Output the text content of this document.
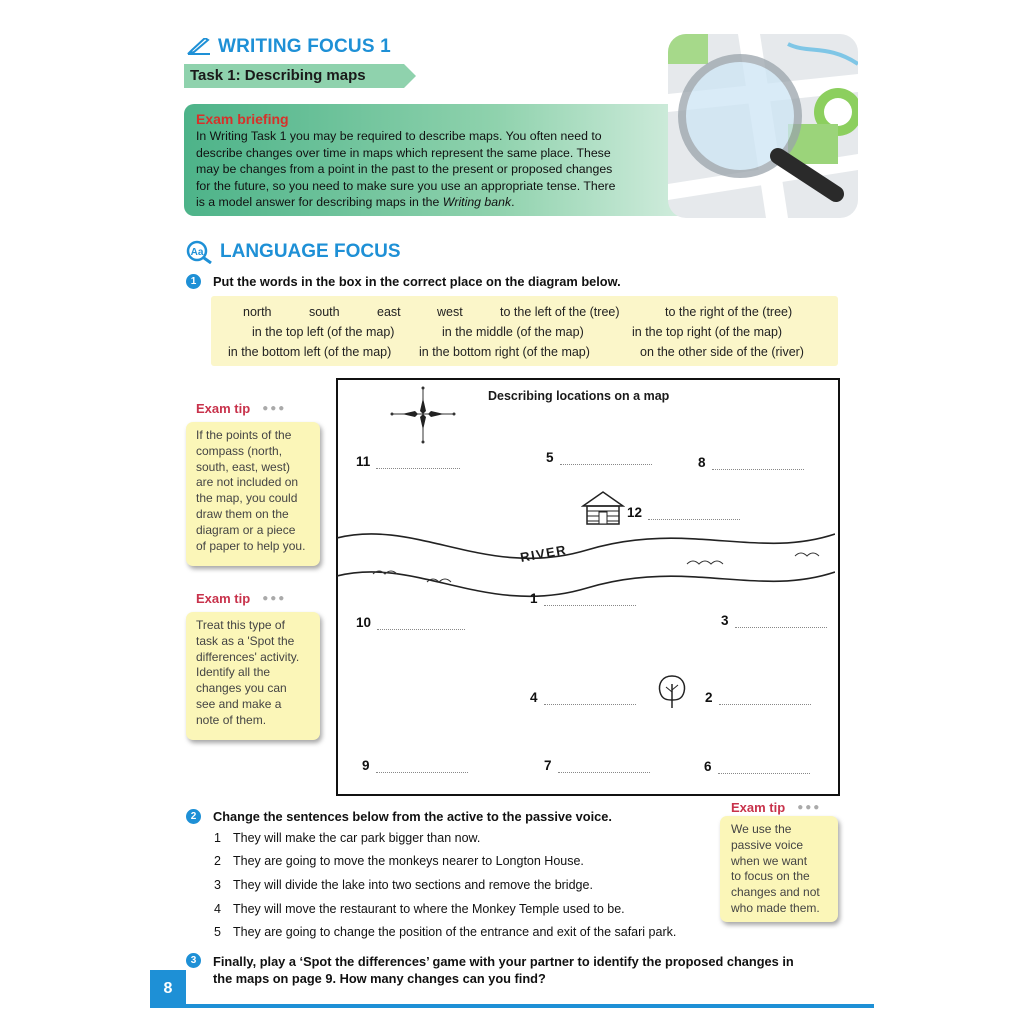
WRITING FOCUS 1
Task 1: Describing maps
Exam briefing
In Writing Task 1 you may be required to describe maps. You often need to
describe changes over time in maps which represent the same place. These
may be changes from a point in the past to the present or proposed changes
for the future, so you need to make sure you use an appropriate tense. There
is a model answer for describing maps in the Writing bank.
Aa LANGUAGE FOCUS
1	Put the words in the box in the correct place on the diagram below.
north	south	east	west	to the left of the (tree)	to the right of the (tree)
in the top left (of the map)	in the middle (of the map)	in the top right (of the map)
in the bottom left (of the map) in the bottom right (of the map)	on the other side of the (river)
Describing locations on a map
RIVER
11	5	8
12
1
10	3
4	2
9	7	6
Exam tip ●●●
If the points of the
compass (north,
south, east, west)
are not included on
the map, you could
draw them on the
diagram or a piece
of paper to help you.
Exam tip ●●●
Treat this type of
task as a 'Spot the
differences' activity.
Identify all the
changes you can
see and make a
note of them.
Exam tip ●●●
We use the
passive voice
when we want
to focus on the
changes and not
who made them.
2	Change the sentences below from the active to the passive voice.
1 They will make the car park bigger than now.
2 They are going to move the monkeys nearer to Longton House.
3 They will divide the lake into two sections and remove the bridge.
4 They will move the restaurant to where the Monkey Temple used to be.
5 They are going to change the position of the entrance and exit of the safari park.
3	Finally, play a ‘Spot the differences’ game with your partner to identify the proposed changes in
the maps on page 9. How many changes can you find?
8
